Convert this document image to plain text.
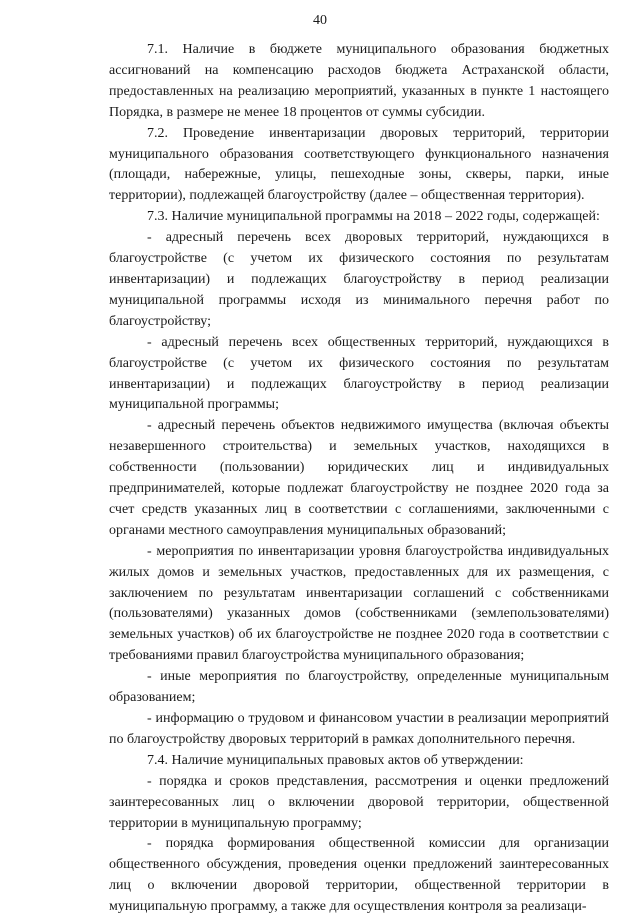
40

7.1. Наличие в бюджете муниципального образования бюджетных ассигнований на компенсацию расходов бюджета Астраханской области, предоставленных на реализацию мероприятий, указанных в пункте 1 настоящего Порядка, в размере не менее 18 процентов от суммы субсидии.

7.2. Проведение инвентаризации дворовых территорий, территории муниципального образования соответствующего функционального назначения (площади, набережные, улицы, пешеходные зоны, скверы, парки, иные территории), подлежащей благоустройству (далее – общественная территория).

7.3. Наличие муниципальной программы на 2018 – 2022 годы, содержащей:

- адресный перечень всех дворовых территорий, нуждающихся в благоустройстве (с учетом их физического состояния по результатам инвентаризации) и подлежащих благоустройству в период реализации муниципальной программы исходя из минимального перечня работ по благоустройству;

- адресный перечень всех общественных территорий, нуждающихся в благоустройстве (с учетом их физического состояния по результатам инвентаризации) и подлежащих благоустройству в период реализации муниципальной программы;

- адресный перечень объектов недвижимого имущества (включая объекты незавершенного строительства) и земельных участков, находящихся в собственности (пользовании) юридических лиц и индивидуальных предпринимателей, которые подлежат благоустройству не позднее 2020 года за счет средств указанных лиц в соответствии с соглашениями, заключенными с органами местного самоуправления муниципальных образований;

- мероприятия по инвентаризации уровня благоустройства индивидуальных жилых домов и земельных участков, предоставленных для их размещения, с заключением по результатам инвентаризации соглашений с собственниками (пользователями) указанных домов (собственниками (землепользователями) земельных участков) об их благоустройстве не позднее 2020 года в соответствии с требованиями правил благоустройства муниципального образования;

- иные мероприятия по благоустройству, определенные муниципальным образованием;

- информацию о трудовом и финансовом участии в реализации мероприятий по благоустройству дворовых территорий в рамках дополнительного перечня.

7.4. Наличие муниципальных правовых актов об утверждении:

- порядка и сроков представления, рассмотрения и оценки предложений заинтересованных лиц о включении дворовой территории, общественной территории в муниципальную программу;

- порядка формирования общественной комиссии для организации общественного обсуждения, проведения оценки предложений заинтересованных лиц о включении дворовой территории, общественной территории в муниципальную программу, а также для осуществления контроля за реализаци-
